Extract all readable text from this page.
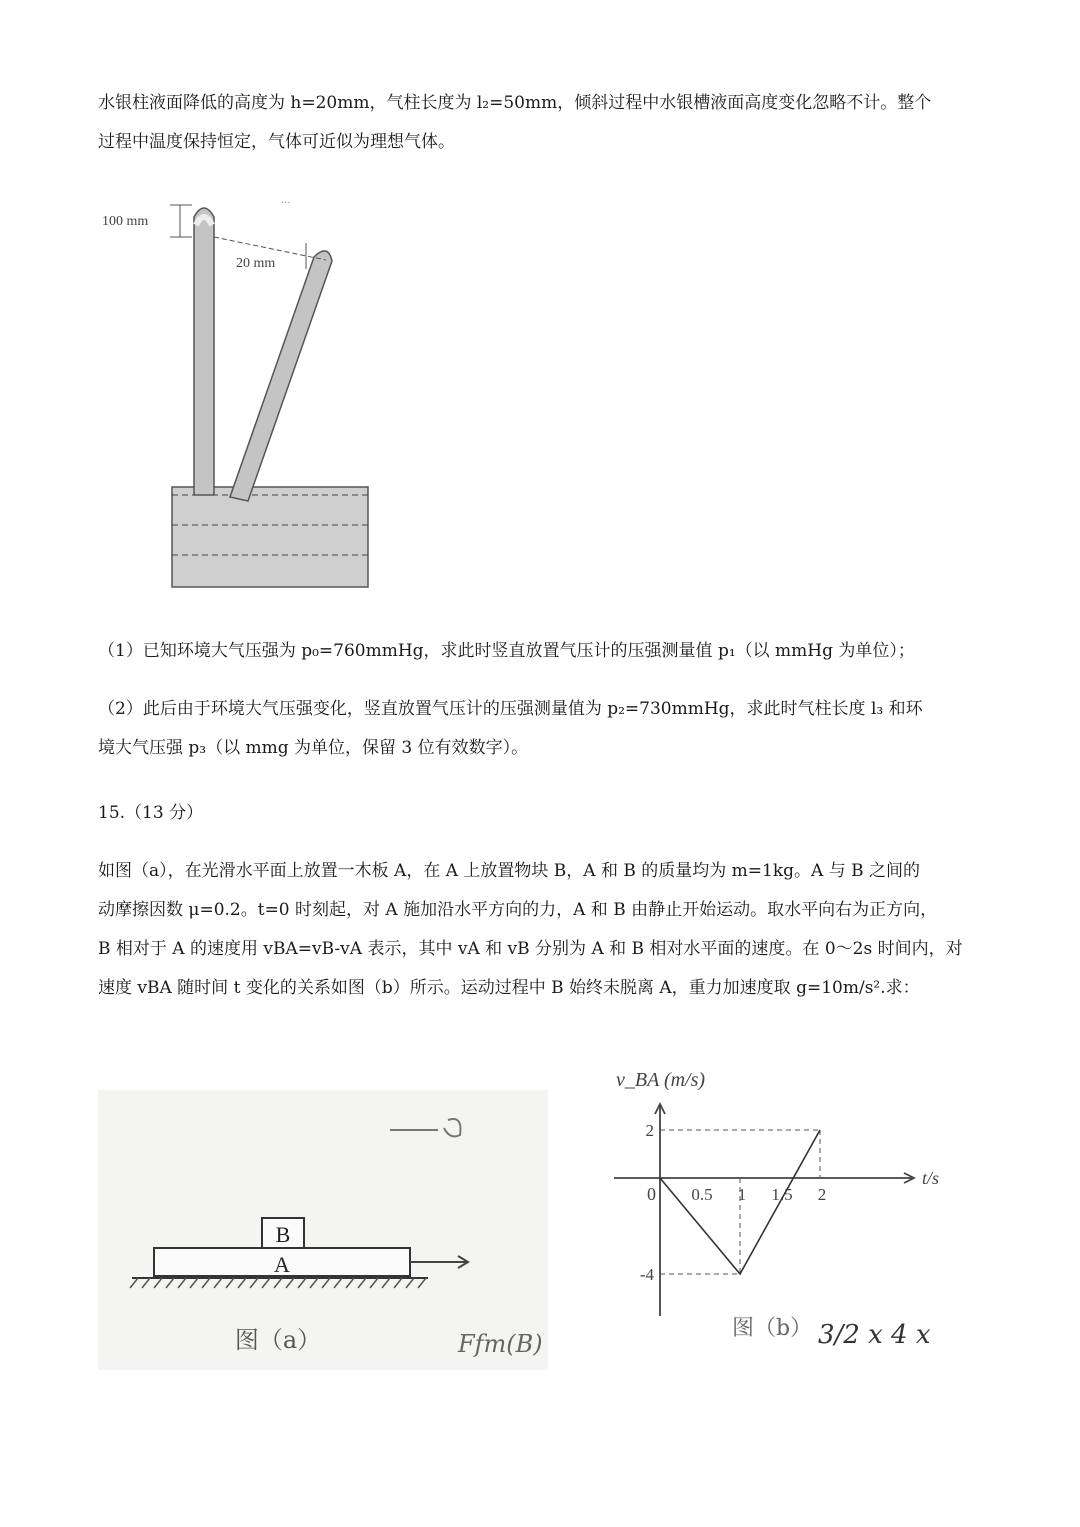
水银柱液面降低的高度为 h=20mm，气柱长度为 l₂=50mm，倾斜过程中水银槽液面高度变化忽略不计。整个
过程中温度保持恒定，气体可近似为理想气体。
...
100 mm
20 mm
（1）已知环境大气压强为 p₀=760mmHg，求此时竖直放置气压计的压强测量值 p₁（以 mmHg 为单位）；
（2）此后由于环境大气压强变化，竖直放置气压计的压强测量值为 p₂=730mmHg，求此时气柱长度 l₃ 和环
境大气压强 p₃（以 mmg 为单位，保留 3 位有效数字）。
15.（13 分）
如图（a），在光滑水平面上放置一木板 A，在 A 上放置物块 B，A 和 B 的质量均为 m=1kg。A 与 B 之间的
动摩擦因数 μ=0.2。t=0 时刻起，对 A 施加沿水平方向的力，A 和 B 由静止开始运动。取水平向右为正方向，
B 相对于 A 的速度用 vBA=vB-vA 表示，其中 vA 和 vB 分别为 A 和 B 相对水平面的速度。在 0～2s 时间内，对
速度 vBA 随时间 t 变化的关系如图（b）所示。运动过程中 B 始终未脱离 A，重力加速度取 g=10m/s².求：
B
A
图（a）	Ffm(B)
v_BA (m/s)
t/s
0 0.5 1 1.5 2
2
-4
图（b） 3/2 x 4 x
